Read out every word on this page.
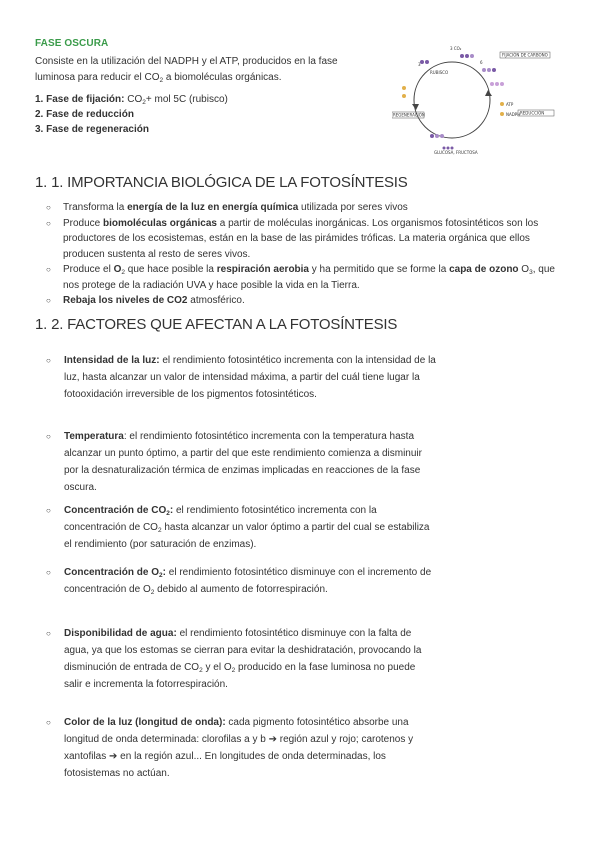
FASE OSCURA
Consiste en la utilización del NADPH y el ATP, producidos en la fase luminosa para reducir el $CO_2$ a biomoléculas orgánicas.
1. Fase de fijación: $CO_2+$ mol 5C (rubisco)
2. Fase de reducción
3. Fase de regeneración
3 CO₂
FIJACIÓN DE CARBONO
RUBISCO
ATP
NADPH REDUCCIÓN
REGENERACIÓN
GLUCOSA, FRUCTOSA
6
3
1. 1. IMPORTANCIA BIOLÓGICA DE LA FOTOSÍNTESIS
○ Transforma la energía de la luz en energía química utilizada por seres vivos
○ Produce biomoléculas orgánicas a partir de moléculas inorgánicas. Los organismos fotosintéticos son los productores de los ecosistemas, están en la base de las pirámides tróficas. La materia orgánica que ellos producen sustenta al resto de seres vivos.
○ Produce el $O_2$ que hace posible la respiración aerobia y ha permitido que se forme la capa de ozono $O_3$, que nos protege de la radiación UVA y hace posible la vida en la Tierra.
○ Rebaja los niveles de CO2 atmosférico.
1. 2. FACTORES QUE AFECTAN A LA FOTOSÍNTESIS
○ Intensidad de la luz: el rendimiento fotosintético incrementa con la intensidad de la luz, hasta alcanzar un valor de intensidad máxima, a partir del cuál tiene lugar la fotooxidación irreversible de los pigmentos fotosintéticos.
○ Temperatura: el rendimiento fotosintético incrementa con la temperatura hasta alcanzar un punto óptimo, a partir del que este rendimiento comienza a disminuir por la desnaturalización térmica de enzimas implicadas en reacciones de la fase oscura.
○ Concentración de $CO_2$: el rendimiento fotosintético incrementa con la concentración de $CO_2$ hasta alcanzar un valor óptimo a partir del cual se estabiliza el rendimiento (por saturación de enzimas).
○ Concentración de $O_2$: el rendimiento fotosintético disminuye con el incremento de concentración de $O_2$ debido al aumento de fotorrespiración.
○ Disponibilidad de agua: el rendimiento fotosintético disminuye con la falta de agua, ya que los estomas se cierran para evitar la deshidratación, provocando la disminución de entrada de $CO_2$ y el $O_2$ producido en la fase luminosa no puede salir e incrementa la fotorrespiración.
○ Color de la luz (longitud de onda): cada pigmento fotosintético absorbe una longitud de onda determinada: clorofilas a y b ➔ región azul y rojo; carotenos y xantofilas ➔ en la región azul... En longitudes de onda determinadas, los fotosistemas no actúan.
